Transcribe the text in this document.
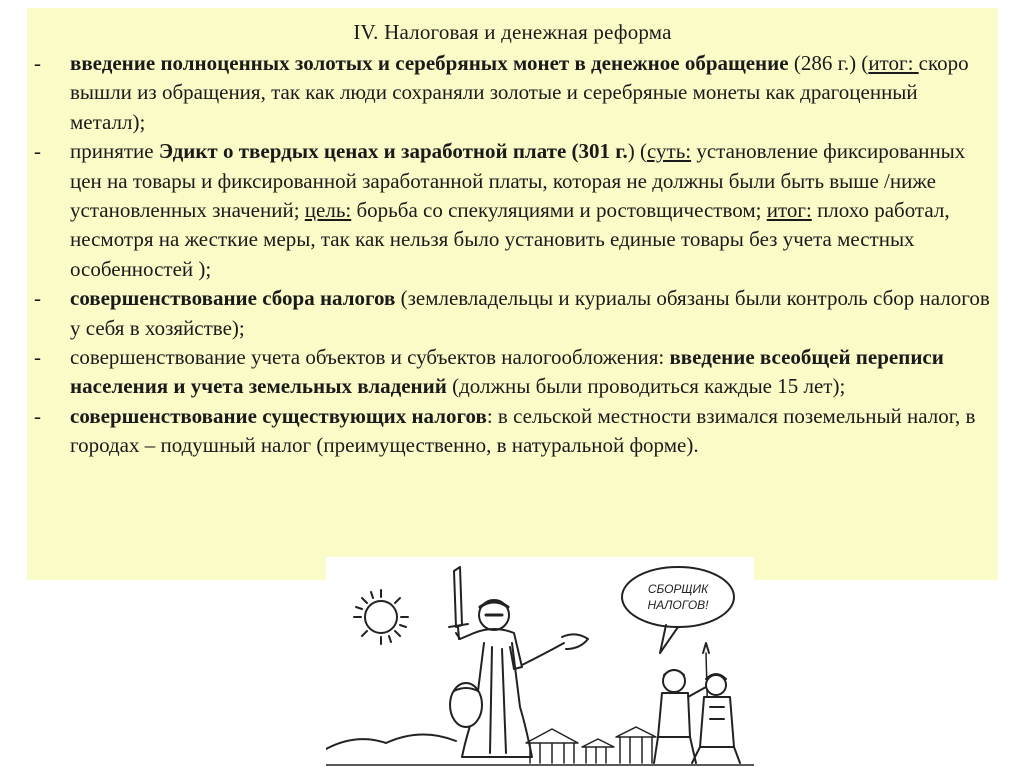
IV. Налоговая и денежная реформа
- введение полноценных золотых и серебряных монет в денежное обращение (286 г.) (итог: скоро вышли из обращения, так как люди сохраняли золотые и серебряные монеты как драгоценный металл);
- принятие Эдикт о твердых ценах и заработной плате (301 г.) (суть: установление фиксированных цен на товары и фиксированной заработанной платы, которая не должны были быть выше /ниже установленных значений; цель: борьба со спекуляциями и ростовщичеством; итог: плохо работал, несмотря на жесткие меры, так как нельзя было установить единые товары без учета местных особенностей );
- совершенствование сбора налогов (землевладельцы и куриалы обязаны были контроль сбор налогов у себя в хозяйстве);
- совершенствование учета объектов и субъектов налогообложения: введение всеобщей переписи населения и учета земельных владений (должны были проводиться каждые 15 лет);
- совершенствование существующих налогов: в сельской местности взимался поземельный налог, в городах – подушный налог (преимущественно, в натуральной форме).
СБОРЩИК
НАЛОГОВ!
